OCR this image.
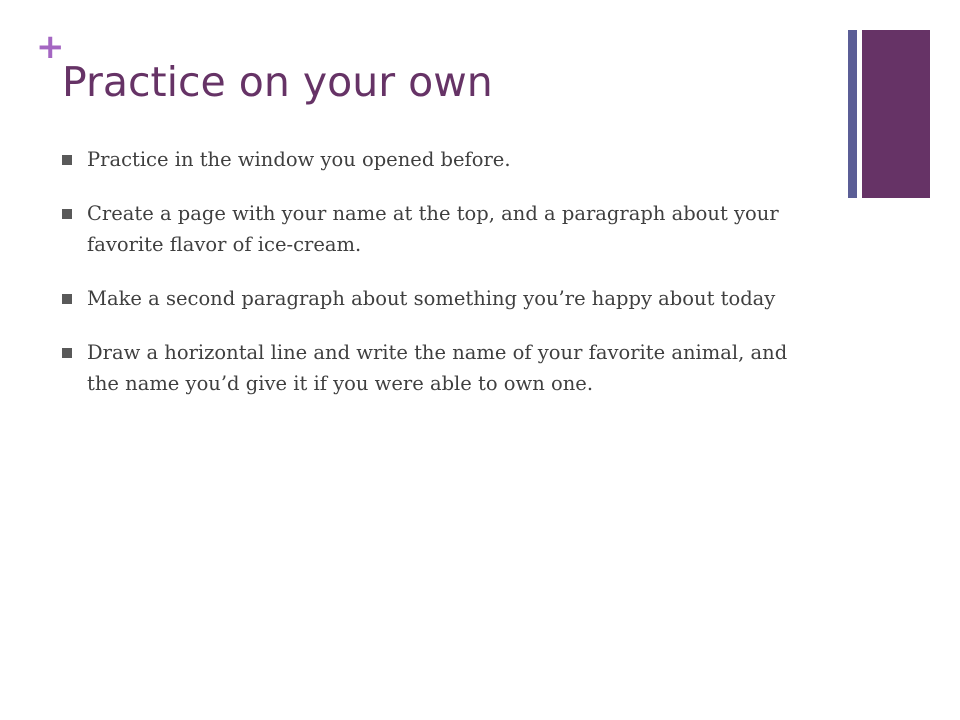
+
Practice on your own
Practice in the window you opened before.
Create a page with your name at the top, and a paragraph about your favorite flavor of ice-cream.
Make a second paragraph about something you’re happy about today
Draw a horizontal line and write the name of your favorite animal, and the name you’d give it if you were able to own one.
